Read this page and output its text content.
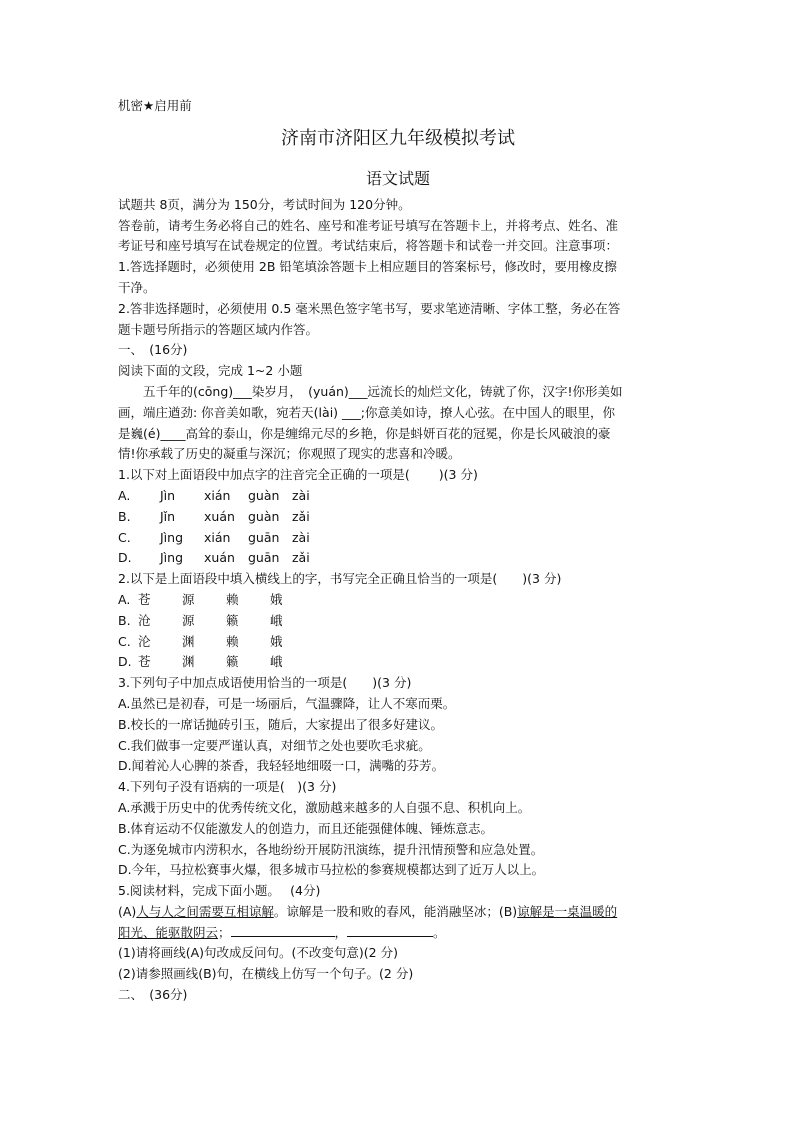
机密★启用前
济南市济阳区九年级模拟考试
语文试题
试题共 8页，满分为 150分，考试时间为 120分钟。
答卷前，请考生务必将自己的姓名、座号和准考证号填写在答题卡上，并将考点、姓名、准
考证号和座号填写在试卷规定的位置。考试结束后，将答题卡和试卷一并交回。注意事项：
1.答选择题时，必须使用 2B 铅笔填涂答题卡上相应题目的答案标号，修改时，要用橡皮擦
干净。
2.答非选择题时，必须使用 0.5 毫米黑色签字笔书写，要求笔迹清晰、字体工整，务必在答
题卡题号所指示的答题区域内作答。
一、　(16分)
阅读下面的文段，完成 1~2 小题
五千年的(cōng)___染岁月，　(yuán)___远流长的灿烂文化，铸就了你，汉字!你形美如
画，端庄遒劲: 你音美如歌，宛若天(lài) ___;你意美如诗，撩人心弦。在中国人的眼里，你
是巍(é)____高耸的泰山，你是缠绵元尽的乡艳，你是蚪妍百花的冠冕，你是长风破浪的豪
情!你承载了历史的凝重与深沉；你观照了现实的悲喜和冷暖。
1.以下对上面语段中加点字的注音完全正确的一项是(　　 )(3 分)
A.	Jìn	xián	guàn	zài
B.	Jǐn	xuán	guàn	zǎi
C.	Jìng	xián	guān	zài
D.	Jìng	xuán	guān	zǎi
2.以下是上面语段中填入横线上的字，书写完全正确且恰当的一项是(　　)(3 分)
A. 苍	源	赖	娥
B. 沧	源	籁	峨
C. 沦	渊	赖	娥
D. 苍	渊	籁	峨
3.下列句子中加点成语使用恰当的一项是(　　)(3 分)
A.虽然已是初春，可是一场丽后，气温骤降，让人不寒而栗。
B.校长的一席话抛砖引玉，随后，大家提出了很多好建议。
C.我们做事一定要严谨认真，对细节之处也要吹毛求疵。
D.闻着沁人心脾的茶香，我轻轻地细啜一口，满嘴的芬芳。
4.下列句子没有语病的一项是(　)(3 分)
A.承溅于历史中的优秀传统文化，激励越来越多的人自强不息、积机向上。
B.体育运动不仅能激发人的创造力，而且还能强健体魄、锤炼意志。
C.为逐免城市内涝积水，各地纷纷开展防汛演练，提升汛情预警和应急处置。
D.今年，马拉松赛事火爆，很多城市马拉松的参赛规模都达到了近万人以上。
5.阅读材料，完成下面小题。　 (4分)
(A)人与人之间需要互相谅解。谅解是一股和败的春风，能消融坚冰；(B)谅解是一桌温暖的
阳光、能驱散阴云；	，	。
(1)请将画线(A)句改成反问句。(不改变句意)(2 分)
(2)请参照画线(B)句，在横线上仿写一个句子。(2 分)
二、　(36分)
